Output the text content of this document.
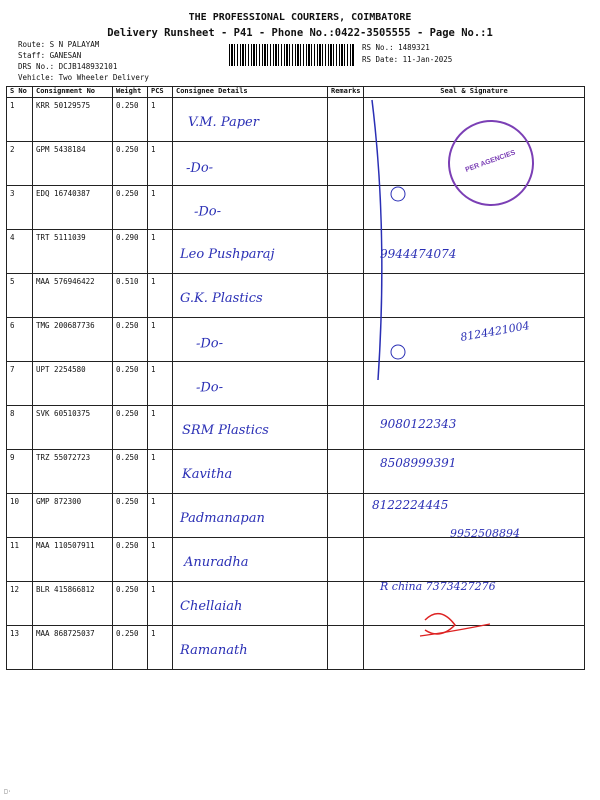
THE PROFESSIONAL COURIERS, COIMBATORE
Delivery Runsheet - P41 - Phone No.:0422-3505555 - Page No.:1
Route: S N PALAYAM
Staff: GANESAN
DRS No.: DCJB148932101
Vehicle: Two Wheeler Delivery
RS No.: 1489321
RS Date: 11-Jan-2025
S No	Consignment No	Weight	PCS	Consignee Details	Remarks	Seal & Signature
1	KRR 50129575	0.250	1	V.M. Paper		

2	GPM 5438184	0.250	1	-Do-		

3	EDQ 16740387	0.250	1	-Do-		

4	TRT 5111039	0.290	1	Leo Pushparaj		

5	MAA 576946422	0.510	1	G.K. Plastics		

6	TMG 200687736	0.250	1	-Do-		

7	UPT 2254580	0.250	1	-Do-		

8	SVK 60510375	0.250	1	SRM Plastics		

9	TRZ 55072723	0.250	1	Kavitha		

10	GMP 872300	0.250	1	Padmanapan		

11	MAA 110507911	0.250	1	Anuradha		

12	BLR 415866812	0.250	1	Chellaiah		

13	MAA 868725037	0.250	1	Ramanath		

PER AGENCIES
9944474074
8124421004
9080122343
8508999391
8122224445
9952508894
R china 7373427276
□·
